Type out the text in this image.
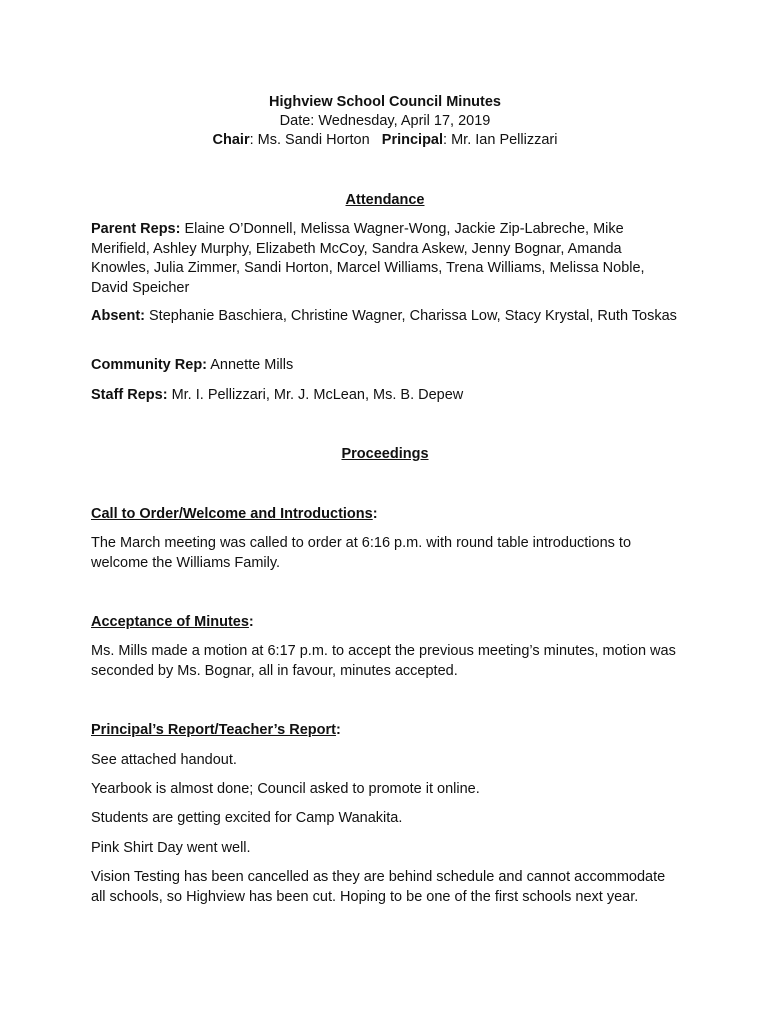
Highview School Council Minutes
Date: Wednesday, April 17, 2019
Chair: Ms. Sandi Horton Principal: Mr. Ian Pellizzari
Attendance

Parent Reps: Elaine O’Donnell, Melissa Wagner-Wong, Jackie Zip-Labreche, Mike Merifield, Ashley Murphy, Elizabeth McCoy, Sandra Askew, Jenny Bognar, Amanda Knowles, Julia Zimmer, Sandi Horton, Marcel Williams, Trena Williams, Melissa Noble, David Speicher

Absent: Stephanie Baschiera, Christine Wagner, Charissa Low, Stacy Krystal, Ruth Toskas

Community Rep: Annette Mills

Staff Reps: Mr. I. Pellizzari, Mr. J. McLean, Ms. B. Depew

Proceedings
Call to Order/Welcome and Introductions:
The March meeting was called to order at 6:16 p.m. with round table introductions to welcome the Williams Family.
Acceptance of Minutes:
Ms. Mills made a motion at 6:17 p.m. to accept the previous meeting’s minutes, motion was seconded by Ms. Bognar, all in favour, minutes accepted.
Principal’s Report/Teacher’s Report:
See attached handout.
Yearbook is almost done; Council asked to promote it online.
Students are getting excited for Camp Wanakita.
Pink Shirt Day went well.
Vision Testing has been cancelled as they are behind schedule and cannot accommodate all schools, so Highview has been cut. Hoping to be one of the first schools next year.
